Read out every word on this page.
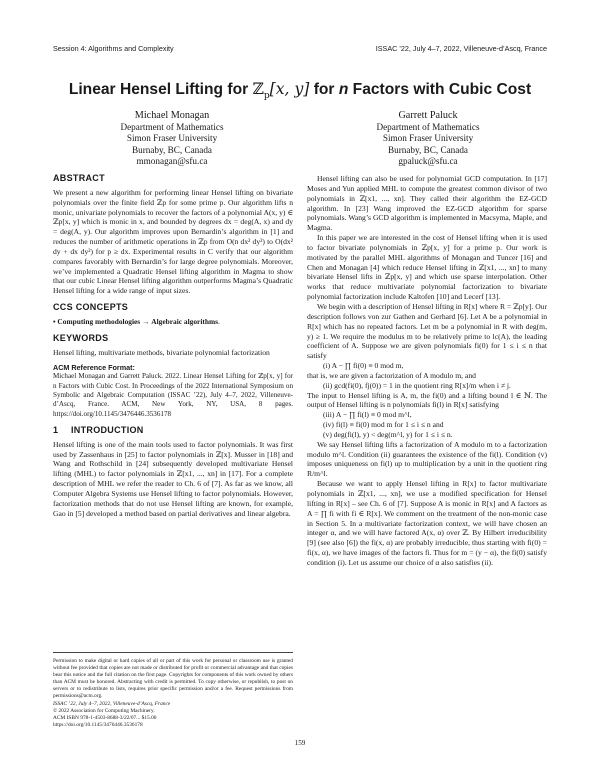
Session 4: Algorithms and Complexity	ISSAC ’22, July 4–7, 2022, Villeneuve-d’Ascq, France
Linear Hensel Lifting for ℤ$_p$[x, y] for n Factors with Cubic Cost
Michael Monagan
Department of Mathematics
Simon Fraser University
Burnaby, BC, Canada
mmonagan@sfu.ca
Garrett Paluck
Department of Mathematics
Simon Fraser University
Burnaby, BC, Canada
gpaluck@sfu.ca
ABSTRACT

We present a new algorithm for performing linear Hensel lifting on bivariate polynomials over the finite field ℤp for some prime p. Our algorithm lifts n monic, univariate polynomials to recover the factors of a polynomial A(x, y) ∈ ℤp[x, y] which is monic in x, and bounded by degrees dx = deg(A, x) and dy = deg(A, y). Our algorithm improves upon Bernardin’s algorithm in [1] and reduces the number of arithmetic operations in ℤp from O(n dx² dy²) to O(dx² dy + dx dy²) for p ≥ dx. Experimental results in C verify that our algorithm compares favorably with Bernardin’s for large degree polynomials. Moreover, we’ve implemented a Quadratic Hensel lifting algorithm in Magma to show that our cubic Linear Hensel lifting algorithm outperforms Magma’s Quadratic Hensel lifting for a wide range of input sizes.

CCS CONCEPTS

• Computing methodologies → Algebraic algorithms.

KEYWORDS

Hensel lifting, multivariate methods, bivariate polynomial factorization

ACM Reference Format:

Michael Monagan and Garrett Paluck. 2022. Linear Hensel Lifting for ℤp[x, y] for n Factors with Cubic Cost. In Proceedings of the 2022 International Symposium on Symbolic and Algebraic Computation (ISSAC ’22), July 4–7, 2022, Villeneuve-d’Ascq, France. ACM, New York, NY, USA, 8 pages. https://doi.org/10.1145/3476446.3536178

1 INTRODUCTION

Hensel lifting is one of the main tools used to factor polynomials. It was first used by Zassenhaus in [25] to factor polynomials in ℤ[x]. Musser in [18] and Wang and Rothschild in [24] subsequently developed multivariate Hensel lifting (MHL) to factor polynomials in ℤ[x1, ..., xn] in [17]. For a complete description of MHL we refer the reader to Ch. 6 of [7]. As far as we know, all Computer Algebra Systems use Hensel lifting to factor polynomials. However, factorization methods that do not use Hensel lifting are known, for example, Gao in [5] developed a method based on partial derivatives and linear algebra.

Permission to make digital or hard copies of all or part of this work for personal or classroom use is granted without fee provided that copies are not made or distributed for profit or commercial advantage and that copies bear this notice and the full citation on the first page. Copyrights for components of this work owned by others than ACM must be honored. Abstracting with credit is permitted. To copy otherwise, or republish, to post on servers or to redistribute to lists, requires prior specific permission and/or a fee. Request permissions from permissions@acm.org.

ISSAC ’22, July 4–7, 2022, Villeneuve-d’Ascq, France

© 2022 Association for Computing Machinery.

ACM ISBN 978-1-4503-8688-3/22/07... $15.00

https://doi.org/10.1145/3476446.3536178

Hensel lifting can also be used for polynomial GCD computation. In [17] Moses and Yun applied MHL to compute the greatest common divisor of two polynomials in ℤ[x1, ..., xn]. They called their algorithm the EZ-GCD algorithm. In [23] Wang improved the EZ-GCD algorithm for sparse polynomials. Wang’s GCD algorithm is implemented in Macsyma, Maple, and Magma.

In this paper we are interested in the cost of Hensel lifting when it is used to factor bivariate polynomials in ℤp[x, y] for a prime p. Our work is motivated by the parallel MHL algorithms of Monagan and Tuncer [16] and Chen and Monagan [4] which reduce Hensel lifting in ℤ[x1, ..., xn] to many bivariate Hensel lifts in ℤp[x, y] and which use sparse interpolation. Other works that reduce multivariate polynomial factorization to bivariate polynomial factorization include Kaltofen [10] and Lecerf [13].

We begin with a description of Hensel lifting in R[x] where R = ℤp[y]. Our description follows von zur Gathen and Gerhard [6]. Let A be a polynomial in R[x] which has no repeated factors. Let m be a polynomial in R with deg(m, y) ≥ 1. We require the modulus m to be relatively prime to lc(A), the leading coefficient of A. Suppose we are given polynomials fi(0) for 1 ≤ i ≤ n that satisfy

(i) A − ∏ fi(0) ≡ 0 mod m,

that is, we are given a factorization of A modulo m, and

(ii) gcd(fi(0), fj(0)) = 1 in the quotient ring R[x]/m when i ≠ j.

The input to Hensel lifting is A, m, the fi(0) and a lifting bound l ∈ ℕ. The output of Hensel lifting is n polynomials fi(l) in R[x] satisfying

(iii) A − ∏ fi(l) ≡ 0 mod m^l,

(iv) fi(l) ≡ fi(0) mod m for 1 ≤ i ≤ n and

(v) deg(fi(l), y) < deg(m^l, y) for 1 ≤ i ≤ n.

We say Hensel lifting lifts a factorization of A modulo m to a factorization modulo m^l. Condition (ii) guarantees the existence of the fi(l). Condition (v) imposes uniqueness on fi(l) up to multiplication by a unit in the quotient ring R/m^l.

Because we want to apply Hensel lifting in R[x] to factor multivariate polynomials in ℤ[x1, ..., xn], we use a modified specification for Hensel lifting in R[x] – see Ch. 6 of [7]. Suppose A is monic in R[x] and A factors as A = ∏ fi with fi ∈ R[x]. We comment on the treatment of the non-monic case in Section 5. In a multivariate factorization context, we will have chosen an integer α, and we will have factored A(x, α) over ℤ. By Hilbert irreducibility [9] (see also [6]) the fi(x, α) are probably irreducible, thus starting with fi(0) = fi(x, α), we have images of the factors fi. Thus for m = (y − α), the fi(0) satisfy condition (i). Let us assume our choice of α also satisfies (ii).

159
